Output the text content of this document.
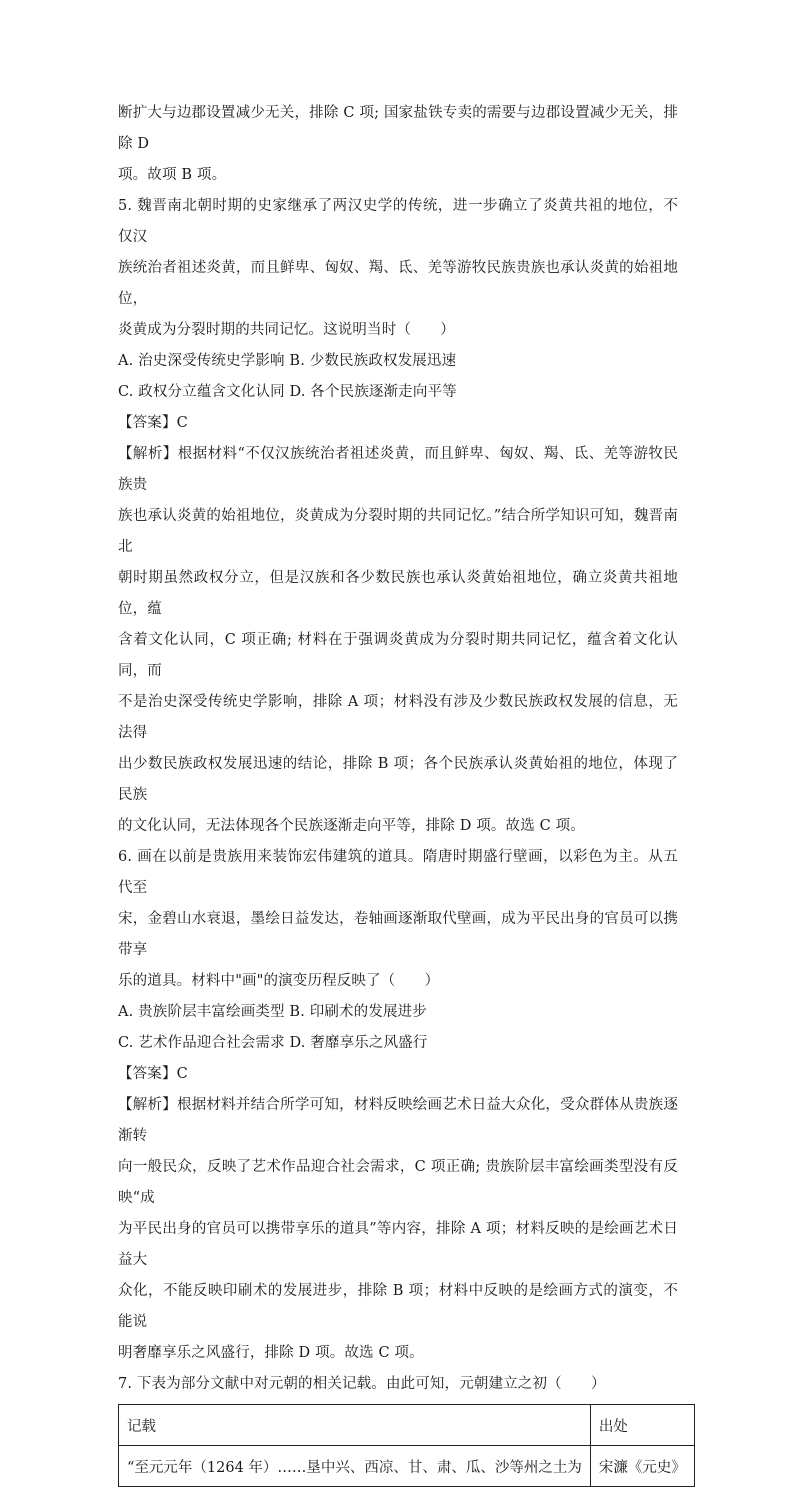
断扩大与边郡设置减少无关，排除 C 项; 国家盐铁专卖的需要与边郡设置减少无关，排除 D

项。故项 B 项。

5. 魏晋南北朝时期的史家继承了两汉史学的传统，进一步确立了炎黄共祖的地位，不仅汉

族统治者祖述炎黄，而且鲜卑、匈奴、羯、氐、羌等游牧民族贵族也承认炎黄的始祖地位，

炎黄成为分裂时期的共同记忆。这说明当时（　　）

A. 治史深受传统史学影响 B. 少数民族政权发展迅速

C. 政权分立蕴含文化认同 D. 各个民族逐渐走向平等

【答案】C

【解析】根据材料“不仅汉族统治者祖述炎黄，而且鲜卑、匈奴、羯、氐、羌等游牧民族贵

族也承认炎黄的始祖地位，炎黄成为分裂时期的共同记忆。”结合所学知识可知，魏晋南北

朝时期虽然政权分立，但是汉族和各少数民族也承认炎黄始祖地位，确立炎黄共祖地位，蕴

含着文化认同，C 项正确; 材料在于强调炎黄成为分裂时期共同记忆，蕴含着文化认同，而

不是治史深受传统史学影响，排除 A 项；材料没有涉及少数民族政权发展的信息，无法得

出少数民族政权发展迅速的结论，排除 B 项；各个民族承认炎黄始祖的地位，体现了民族

的文化认同，无法体现各个民族逐渐走向平等，排除 D 项。故选 C 项。

6. 画在以前是贵族用来装饰宏伟建筑的道具。隋唐时期盛行壁画，以彩色为主。从五代至

宋，金碧山水衰退，墨绘日益发达，卷轴画逐渐取代壁画，成为平民出身的官员可以携带享

乐的道具。材料中"画"的演变历程反映了（　　）

A. 贵族阶层丰富绘画类型 B. 印刷术的发展进步

C. 艺术作品迎合社会需求 D. 奢靡享乐之风盛行

【答案】C

【解析】根据材料并结合所学可知，材料反映绘画艺术日益大众化，受众群体从贵族逐渐转

向一般民众，反映了艺术作品迎合社会需求，C 项正确; 贵族阶层丰富绘画类型没有反映“成

为平民出身的官员可以携带享乐的道具”等内容，排除 A 项；材料反映的是绘画艺术日益大

众化，不能反映印刷术的发展进步，排除 B 项；材料中反映的是绘画方式的演变，不能说

明奢靡享乐之风盛行，排除 D 项。故选 C 项。

7. 下表为部分文献中对元朝的相关记载。由此可知，元朝建立之初（　　）

记载	出处
“至元元年（1264 年）……垦中兴、西凉、甘、肃、瓜、沙等州之土为	宋濂《元史》
